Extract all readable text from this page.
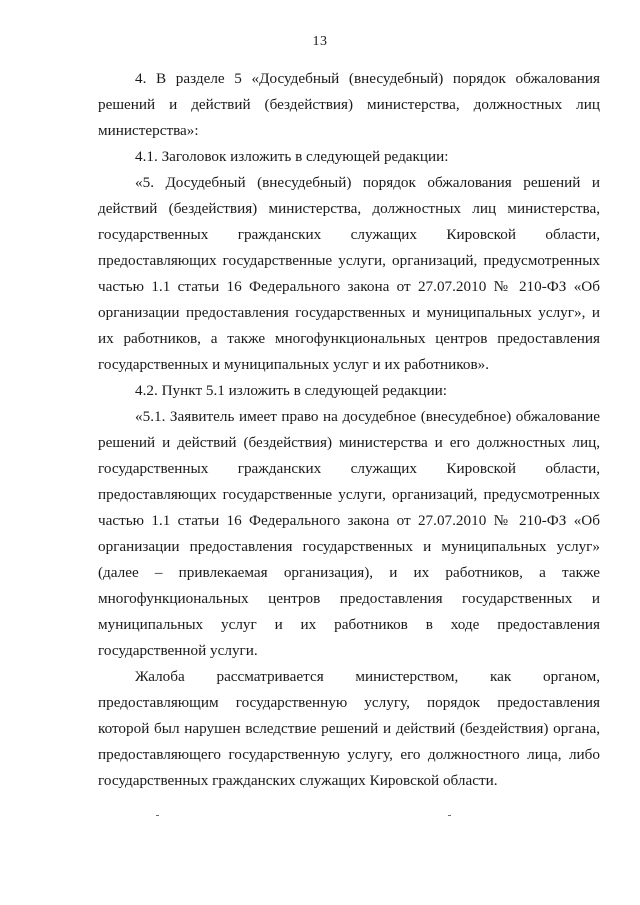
13

4. В разделе 5 «Досудебный (внесудебный) порядок обжалования решений и действий (бездействия) министерства, должностных лиц министерства»:

4.1. Заголовок изложить в следующей редакции:

«5. Досудебный (внесудебный) порядок обжалования решений и действий (бездействия) министерства, должностных лиц министерства, государственных гражданских служащих Кировской области, предоставляющих государственные услуги, организаций, предусмотренных частью 1.1 статьи 16 Федерального закона от 27.07.2010 № 210-ФЗ «Об организации предоставления государственных и муниципальных услуг», и их работников, а также многофункциональных центров предоставления государственных и муниципальных услуг и их работников».

4.2. Пункт 5.1 изложить в следующей редакции:

«5.1. Заявитель имеет право на досудебное (внесудебное) обжалование решений и действий (бездействия) министерства и его должностных лиц, государственных гражданских служащих Кировской области, предоставляющих государственные услуги, организаций, предусмотренных частью 1.1 статьи 16 Федерального закона от 27.07.2010 № 210-ФЗ «Об организации предоставления государственных и муниципальных услуг» (далее – привлекаемая организация), и их работников, а также многофункциональных центров предоставления государственных и муниципальных услуг и их работников в ходе предоставления государственной услуги.

Жалоба рассматривается министерством, как органом, предоставляющим государственную услугу, порядок предоставления которой был нарушен вследствие решений и действий (бездействия) органа, предоставляющего государственную услугу, его должностного лица, либо государственных гражданских служащих Кировской области.
